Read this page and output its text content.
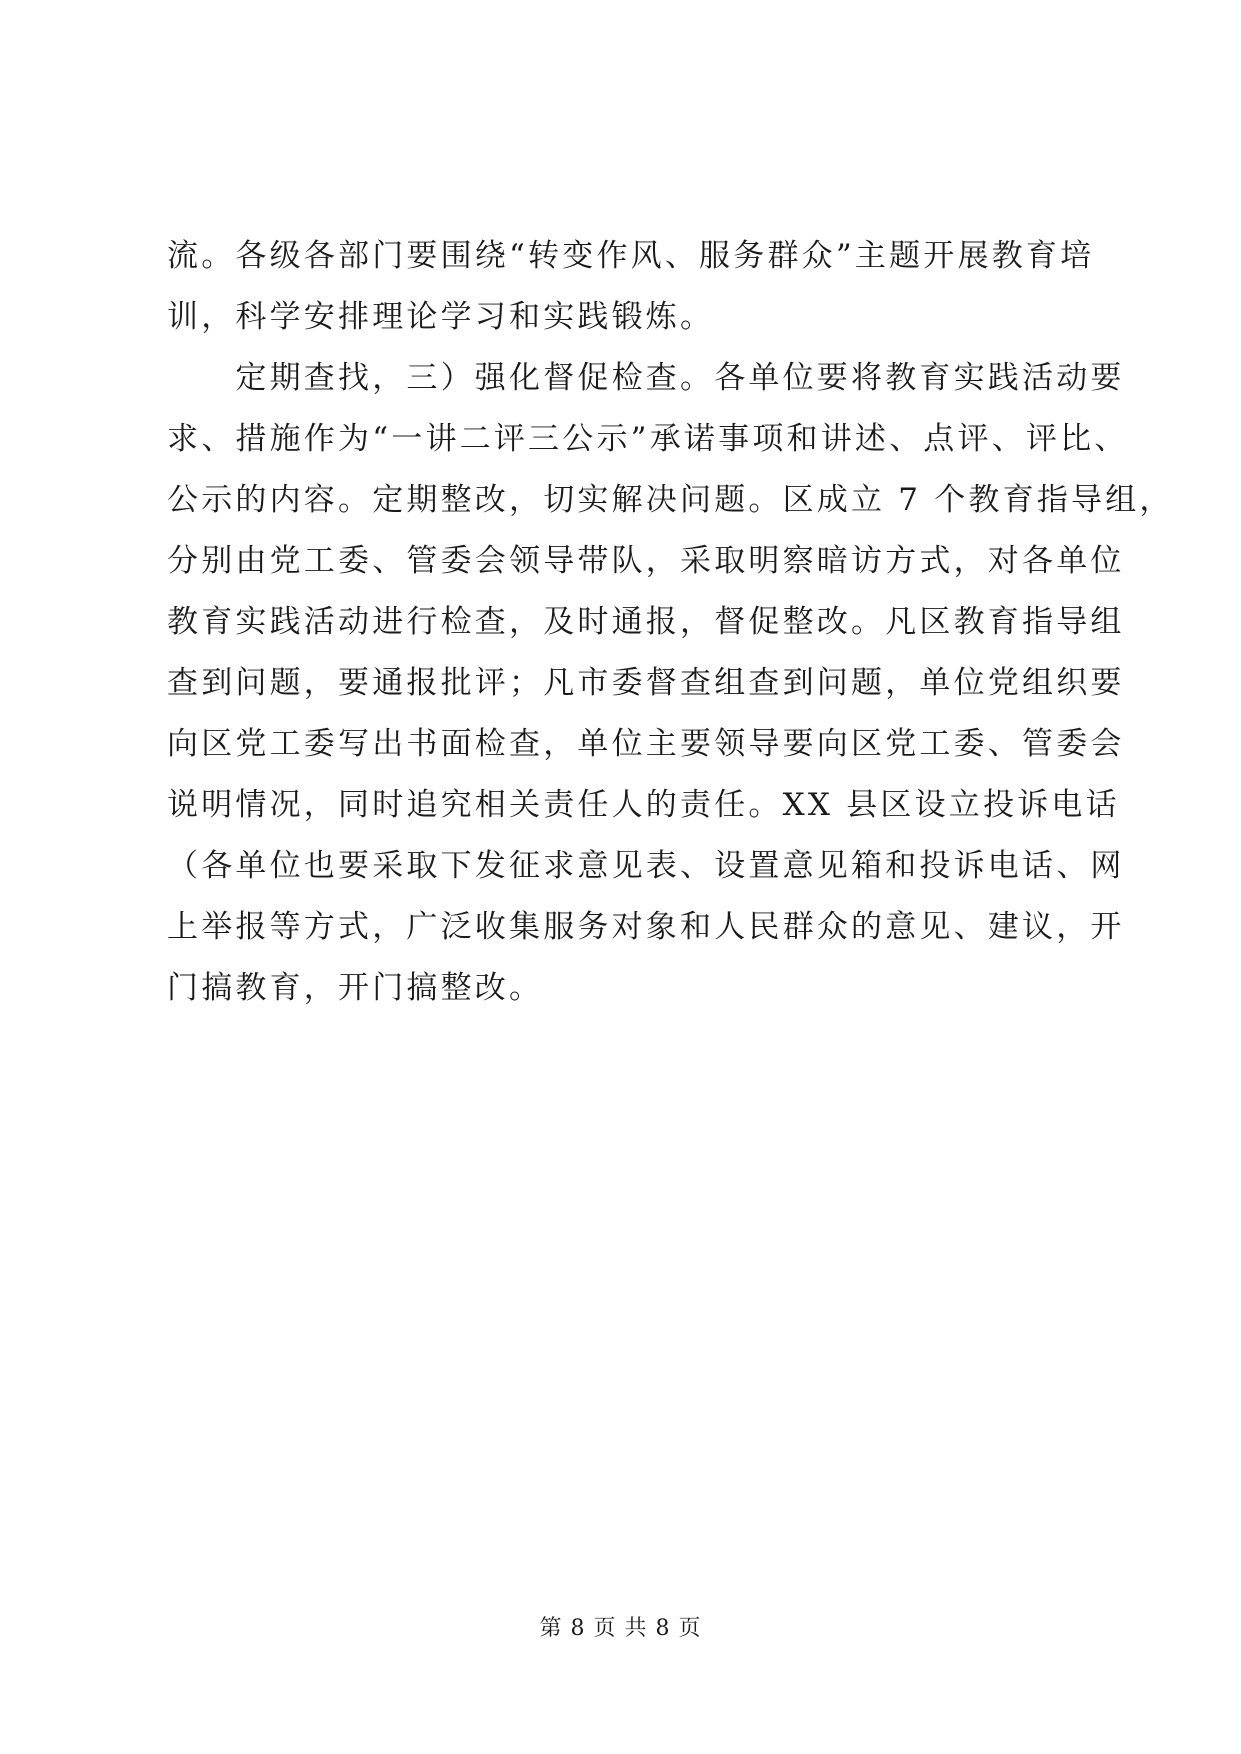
流。各级各部门要围绕“转变作风、服务群众”主题开展教育培
训，科学安排理论学习和实践锻炼。

　　定期查找，三）强化督促检查。各单位要将教育实践活动要
求、措施作为“一讲二评三公示”承诺事项和讲述、点评、评比、
公示的内容。定期整改，切实解决问题。区成立 7 个教育指导组，
分别由党工委、管委会领导带队，采取明察暗访方式，对各单位
教育实践活动进行检查，及时通报，督促整改。凡区教育指导组
查到问题，要通报批评；凡市委督查组查到问题，单位党组织要
向区党工委写出书面检查，单位主要领导要向区党工委、管委会
说明情况，同时追究相关责任人的责任。XX 县区设立投诉电话
（各单位也要采取下发征求意见表、设置意见箱和投诉电话、网
上举报等方式，广泛收集服务对象和人民群众的意见、建议，开
门搞教育，开门搞整改。

第 8 页 共 8 页
